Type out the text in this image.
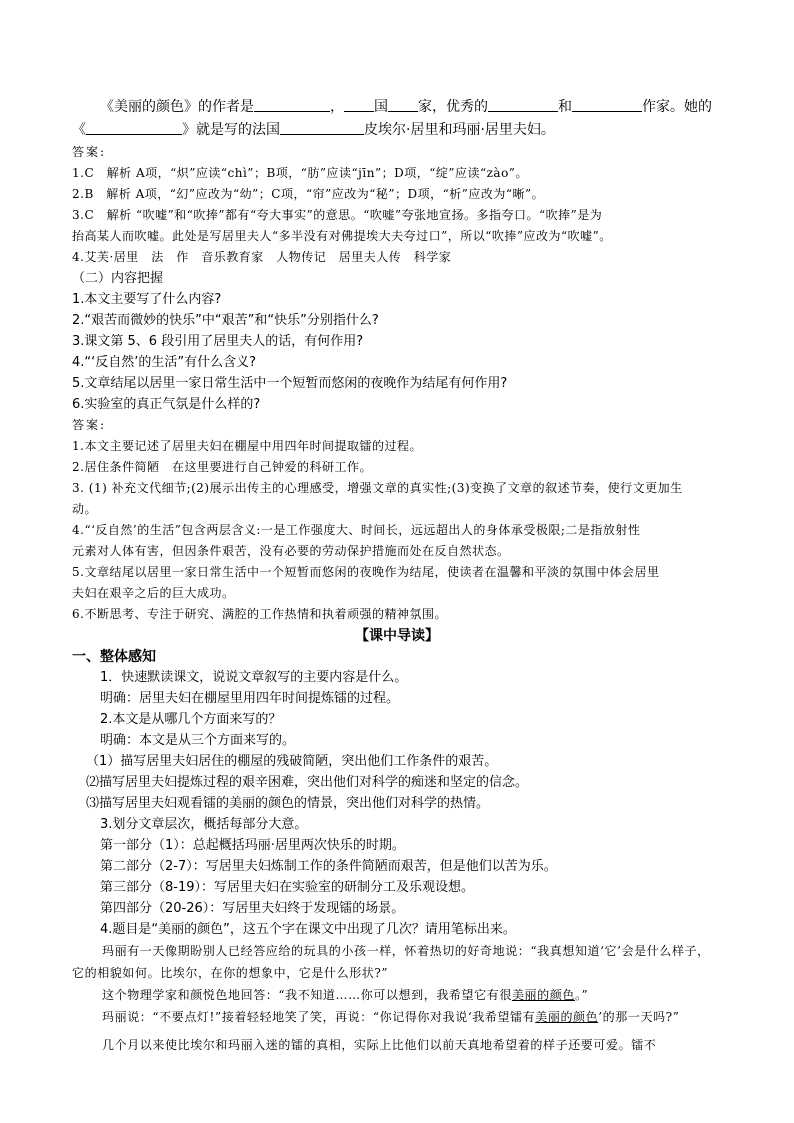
《美丽的颜色》的作者是	， 国 家，优秀的	和	作家。她的
《	》就是写的法国	皮埃尔·居里和玛丽·居里夫妇。
答案:
1.C　解析 A项，“炽”应读“chì”；B项，“肪”应读“jīn”；D项，“绽”应读“zào”。
2.B　解析 A项，“幻”应改为“幼”；C项，“帘”应改为“秘”；D项，“析”应改为“晰”。
3.C　解析 “吹嘘”和“吹捧”都有“夸大事实”的意思。“吹嘘”夸张地宣扬。多指夸口。“吹捧”是为
抬高某人而吹嘘。此处是写居里夫人“多半没有对佛提埃大夫夸过口”，所以“吹捧”应改为“吹嘘”。
4.艾芙·居里　法　作　音乐教育家　人物传记　居里夫人传　科学家
（二）内容把握
1.本文主要写了什么内容?
2.“艰苦而微妙的快乐”中“艰苦”和“快乐”分别指什么?
3.课文第 5、6 段引用了居里夫人的话，有何作用?
4.“‘反自然’的生活”有什么含义?
5.文章结尾以居里一家日常生活中一个短暂而悠闲的夜晚作为结尾有何作用?
6.实验室的真正气氛是什么样的?
答案:
1.本文主要记述了居里夫妇在棚屋中用四年时间提取镭的过程。
2.居住条件简陋　在这里要进行自己钟爱的科研工作。
3. (1) 补充文代细节;(2)展示出传主的心理感受，增强文章的真实性;(3)变换了文章的叙述节奏，使行文更加生
动。
4.“‘反自然’的生活”包含两层含义:一是工作强度大、时间长，远远超出人的身体承受极限;二是指放射性
元素对人体有害，但因条件艰苦，没有必要的劳动保护措施而处在反自然状态。
5.文章结尾以居里一家日常生活中一个短暂而悠闲的夜晚作为结尾，使读者在温馨和平淡的氛围中体会居里
夫妇在艰辛之后的巨大成功。
6.不断思考、专注于研究、满腔的工作热情和执着顽强的精神氛围。
【课中导读】
一、整体感知
1．快速默读课文，说说文章叙写的主要内容是什么。
明确：居里夫妇在棚屋里用四年时间提炼镭的过程。
2.本文是从哪几个方面来写的？
明确：本文是从三个方面来写的。
（1）描写居里夫妇居住的棚屋的残破简陋，突出他们工作条件的艰苦。
⑵描写居里夫妇提炼过程的艰辛困难，突出他们对科学的痴迷和坚定的信念。
⑶描写居里夫妇观看镭的美丽的颜色的情景，突出他们对科学的热情。
3.划分文章层次，概括每部分大意。
第一部分（1）：总起概括玛丽·居里两次快乐的时期。
第二部分（2-7）：写居里夫妇炼制工作的条件简陋而艰苦，但是他们以苦为乐。
第三部分（8-19）：写居里夫妇在实验室的研制分工及乐观设想。
第四部分（20-26）：写居里夫妇终于发现镭的场景。
4.题目是“美丽的颜色”，这五个字在课文中出现了几次？请用笔标出来。
玛丽有一天像期盼别人已经答应给的玩具的小孩一样，怀着热切的好奇地说：“我真想知道‘它’会是什么样子，它的相貌如何。比埃尔，在你的想象中，它是什么形状?”
这个物理学家和颜悦色地回答：“我不知道……你可以想到，我希望它有很美丽的颜色。”
玛丽说：“不要点灯!”接着轻轻地笑了笑，再说：“你记得你对我说‘我希望镭有美丽的颜色’的那一天吗?”
几个月以来使比埃尔和玛丽入迷的镭的真相，实际上比他们以前天真地希望着的样子还要可爱。镭不
